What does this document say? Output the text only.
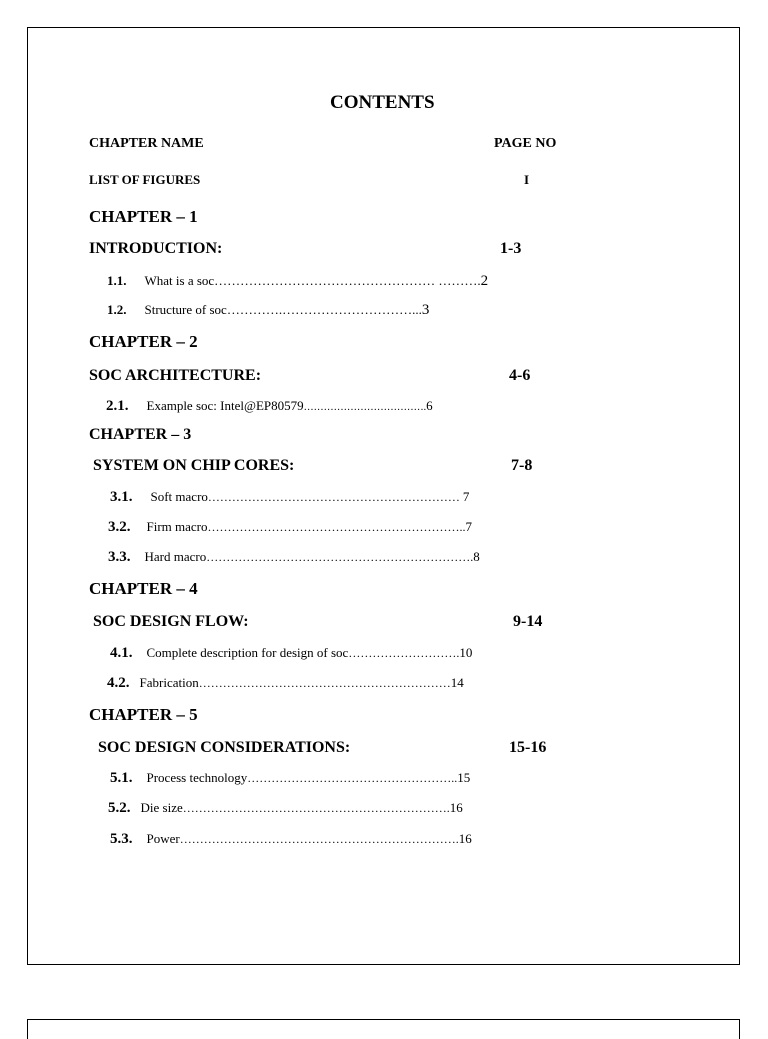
CONTENTS
CHAPTER NAME	PAGE NO
LIST OF FIGURES	I
CHAPTER – 1
INTRODUCTION:	1-3
1.1. What is a soc…………………………………………… ……….2
1.2. Structure of soc………….…………………………...3
CHAPTER – 2
SOC ARCHITECTURE:	4-6
2.1. Example soc: Intel@EP80579……………………………….6
CHAPTER – 3
SYSTEM ON CHIP CORES:	7-8
3.1. Soft macro……………………………………………………… 7
3.2. Firm macro………………………………………………………..7
3.3. Hard macro………………………………………………………….8
CHAPTER – 4
SOC DESIGN FLOW:	9-14
4.1. Complete description for design of soc……………………….10
4.2. Fabrication………………………………………………………14
CHAPTER – 5
SOC DESIGN CONSIDERATIONS:	15-16
5.1. Process technology……………………………………………..15
5.2. Die size………………………………………………………….16
5.3. Power…………………………………………………………….16
